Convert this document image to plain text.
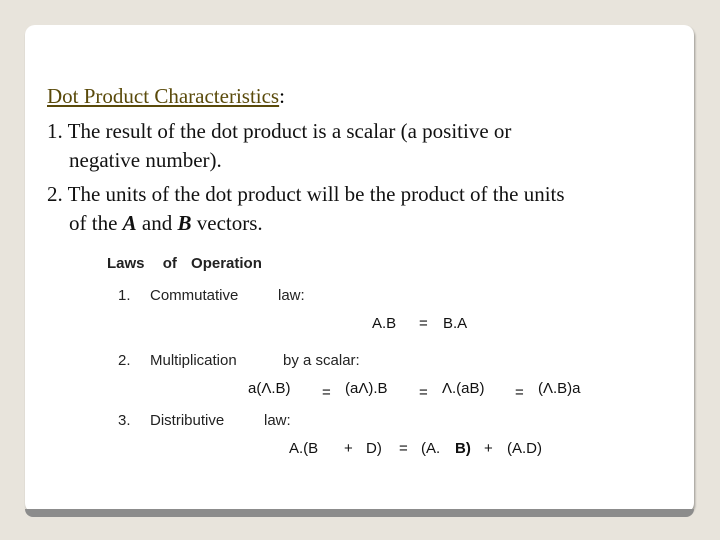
Dot Product Characteristics:
1. The result of the dot product is a scalar (a positive or
negative number).
2. The units of the dot product will be the product of the units
of the A and B vectors.
Laws of Operation
1. Commutative	law:
A.B = B.A
2. Multiplication	by a scalar:
a(Λ.B) = (aΛ).B = Λ.(aB) = (Λ.B)a
3. Distributive	law:
A.(B + D) = (A. B) + (A.D)
